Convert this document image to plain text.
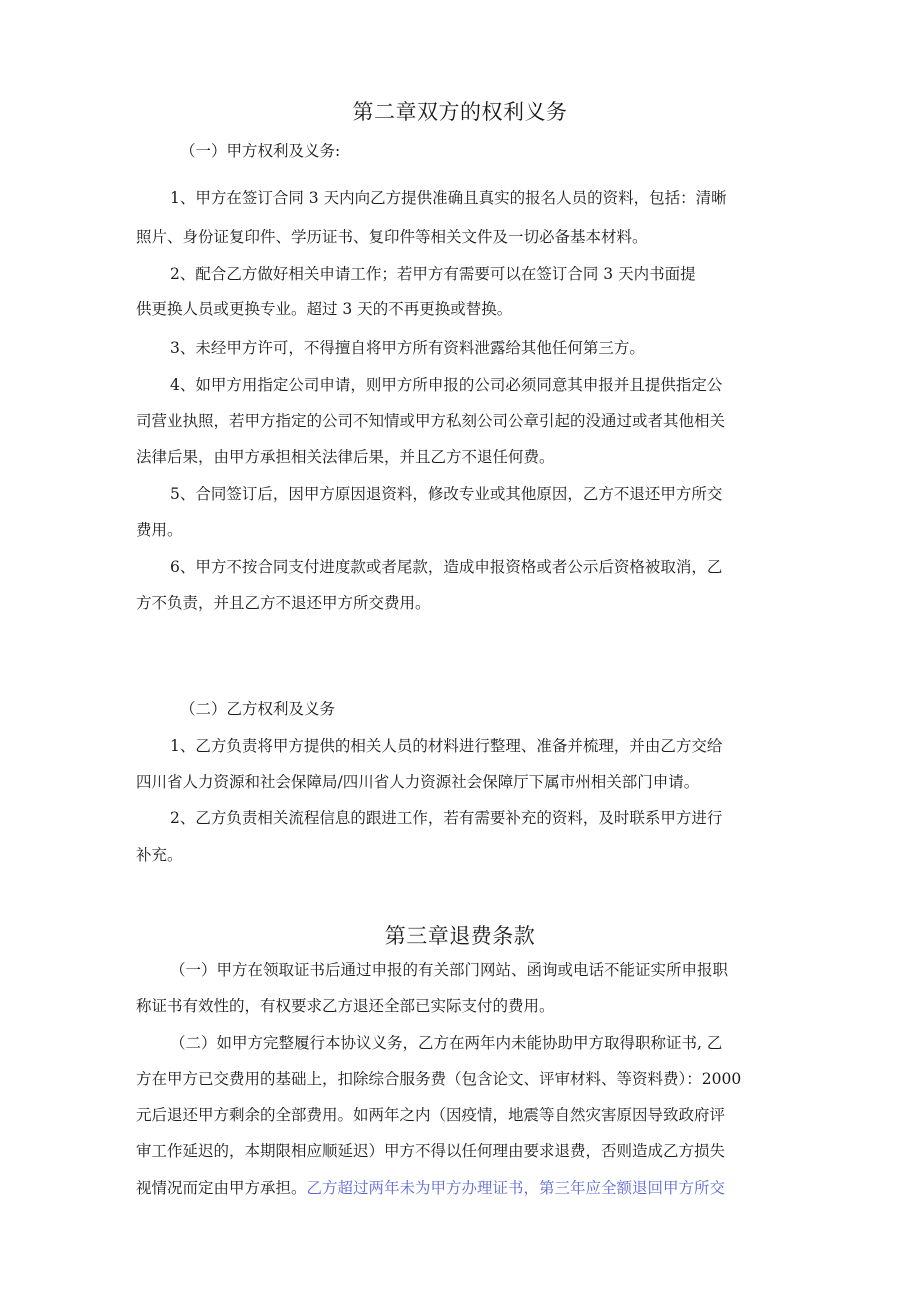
第二章双方的权利义务

（一）甲方权利及义务:

1、甲方在签订合同 3 天内向乙方提供准确且真实的报名人员的资料，包括：清晰

照片、身份证复印件、学历证书、复印件等相关文件及一切必备基本材料。

2、配合乙方做好相关申请工作；若甲方有需要可以在签订合同 3 天内书面提

供更换人员或更换专业。超过 3 天的不再更换或替换。

3、未经甲方许可，不得擅自将甲方所有资料泄露给其他任何第三方。

4、如甲方用指定公司申请，则甲方所申报的公司必须同意其申报并且提供指定公

司营业执照，若甲方指定的公司不知情或甲方私刻公司公章引起的没通过或者其他相关

法律后果，由甲方承担相关法律后果，并且乙方不退任何费。

5、合同签订后，因甲方原因退资料，修改专业或其他原因，乙方不退还甲方所交

费用。

6、甲方不按合同支付进度款或者尾款，造成申报资格或者公示后资格被取消，乙

方不负责，并且乙方不退还甲方所交费用。

（二）乙方权利及义务

1、乙方负责将甲方提供的相关人员的材料进行整理、准备并梳理，并由乙方交给

四川省人力资源和社会保障局/四川省人力资源社会保障厅下属市州相关部门申请。

2、乙方负责相关流程信息的跟进工作，若有需要补充的资料，及时联系甲方进行

补充。

第三章退费条款

（一）甲方在领取证书后通过申报的有关部门网站、函询或电话不能证实所申报职

称证书有效性的，有权要求乙方退还全部已实际支付的费用。

（二）如甲方完整履行本协议义务，乙方在两年内未能协助甲方取得职称证书, 乙

方在甲方已交费用的基础上，扣除综合服务费（包含论文、评审材料、等资料费）：2000

元后退还甲方剩余的全部费用。如两年之内（因疫情，地震等自然灾害原因导致政府评

审工作延迟的，本期限相应顺延迟）甲方不得以任何理由要求退费，否则造成乙方损失

视情况而定由甲方承担。乙方超过两年未为甲方办理证书，第三年应全额退回甲方所交
